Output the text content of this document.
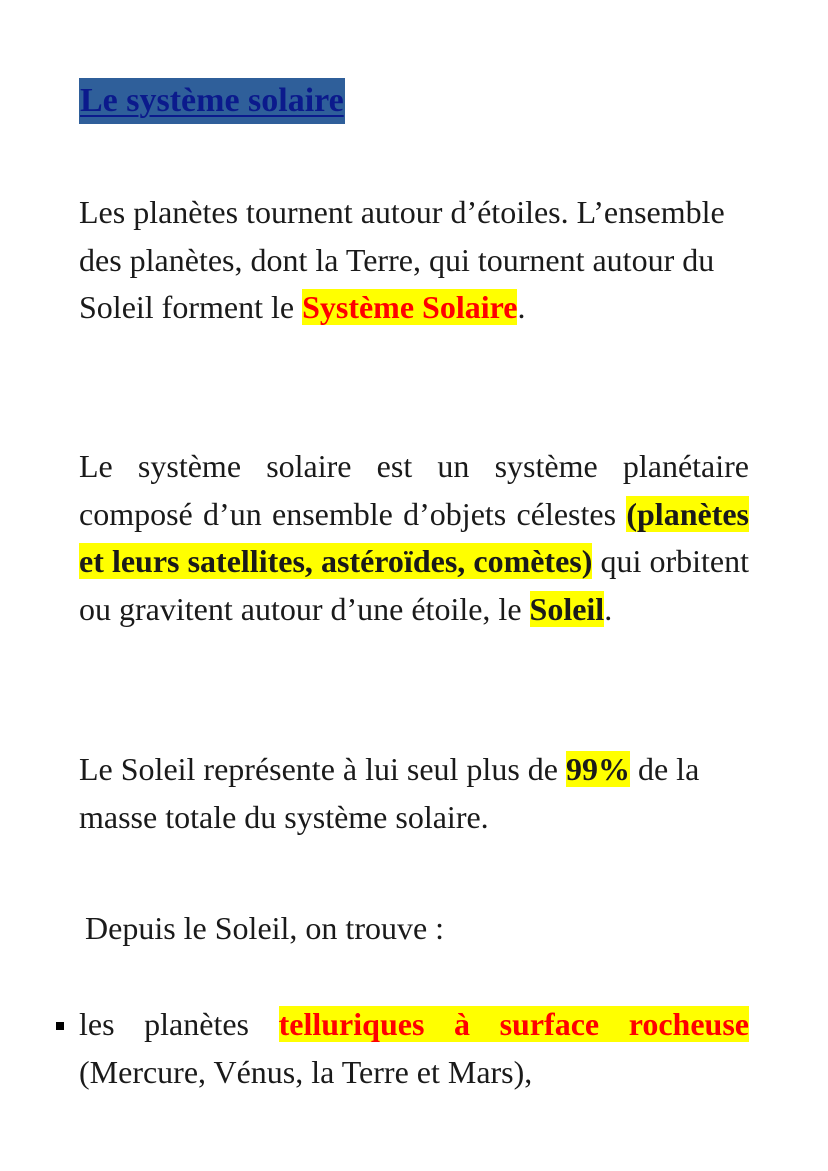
Le système solaire

Les planètes tournent autour d’étoiles. L’ensemble des planètes, dont la Terre, qui tournent autour du Soleil forment le Système Solaire.

Le système solaire est un système planétaire composé d’un ensemble d’objets célestes (planètes et leurs satellites, astéroïdes, comètes) qui orbitent ou gravitent autour d’une étoile, le Soleil.

Le Soleil représente à lui seul plus de 99% de la masse totale du système solaire.

Depuis le Soleil, on trouve :

les planètes telluriques à surface rocheuse (Mercure, Vénus, la Terre et Mars),
